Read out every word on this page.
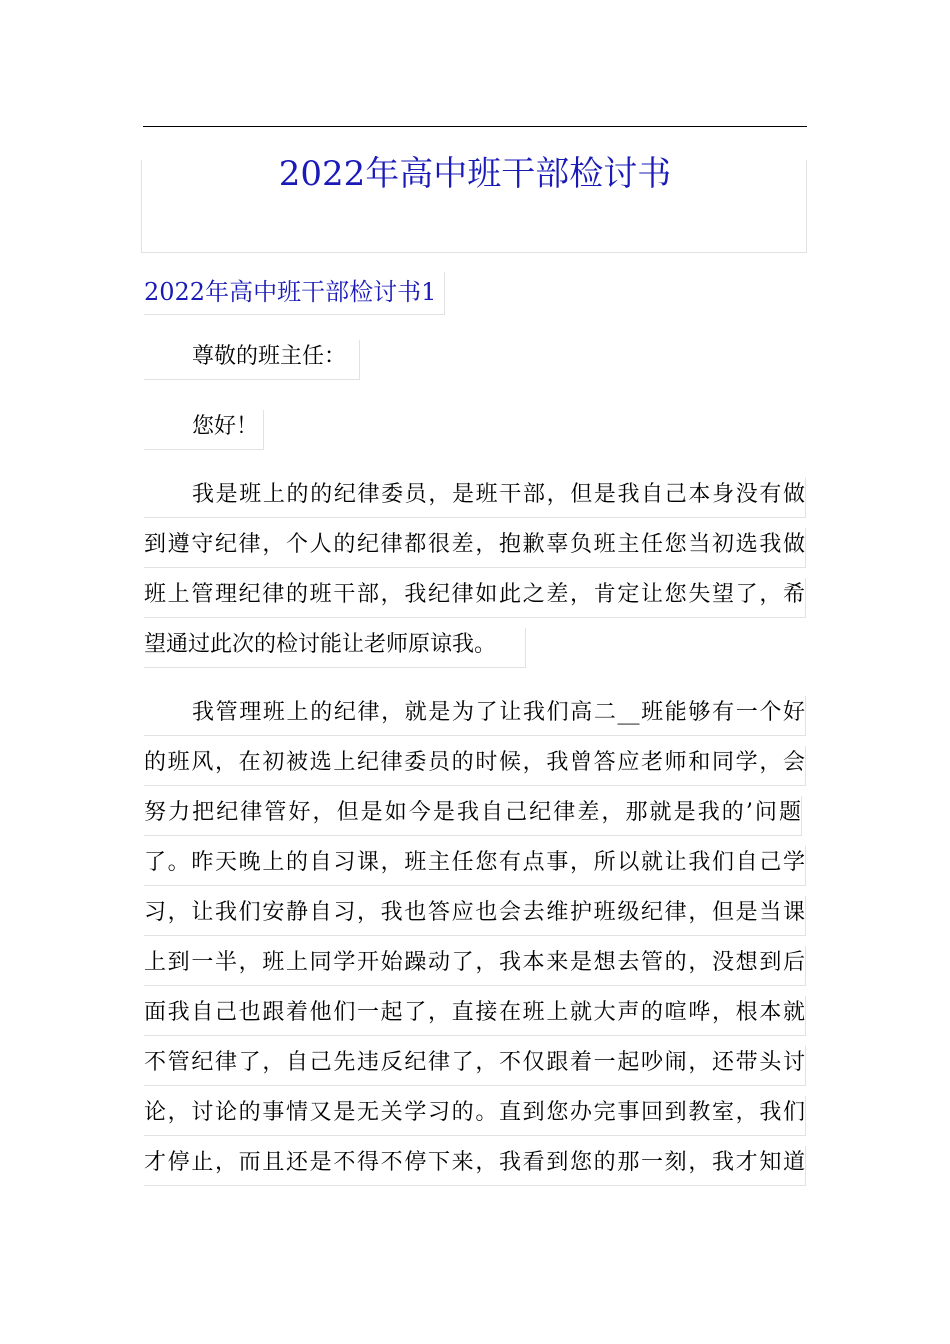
2022年高中班干部检讨书
2022年高中班干部检讨书1
尊敬的班主任：
您好！
我是班上的的纪律委员，是班干部，但是我自己本身没有做
到遵守纪律，个人的纪律都很差，抱歉辜负班主任您当初选我做
班上管理纪律的班干部，我纪律如此之差，肯定让您失望了，希
望通过此次的检讨能让老师原谅我。
我管理班上的纪律，就是为了让我们高二__班能够有一个好
的班风，在初被选上纪律委员的时候，我曾答应老师和同学，会
努力把纪律管好，但是如今是我自己纪律差，那就是我的’问题
了。昨天晚上的自习课，班主任您有点事，所以就让我们自己学
习，让我们安静自习，我也答应也会去维护班级纪律，但是当课
上到一半，班上同学开始躁动了，我本来是想去管的，没想到后
面我自己也跟着他们一起了，直接在班上就大声的喧哗，根本就
不管纪律了，自己先违反纪律了，不仅跟着一起吵闹，还带头讨
论，讨论的事情又是无关学习的。直到您办完事回到教室，我们
才停止，而且还是不得不停下来，我看到您的那一刻，我才知道
